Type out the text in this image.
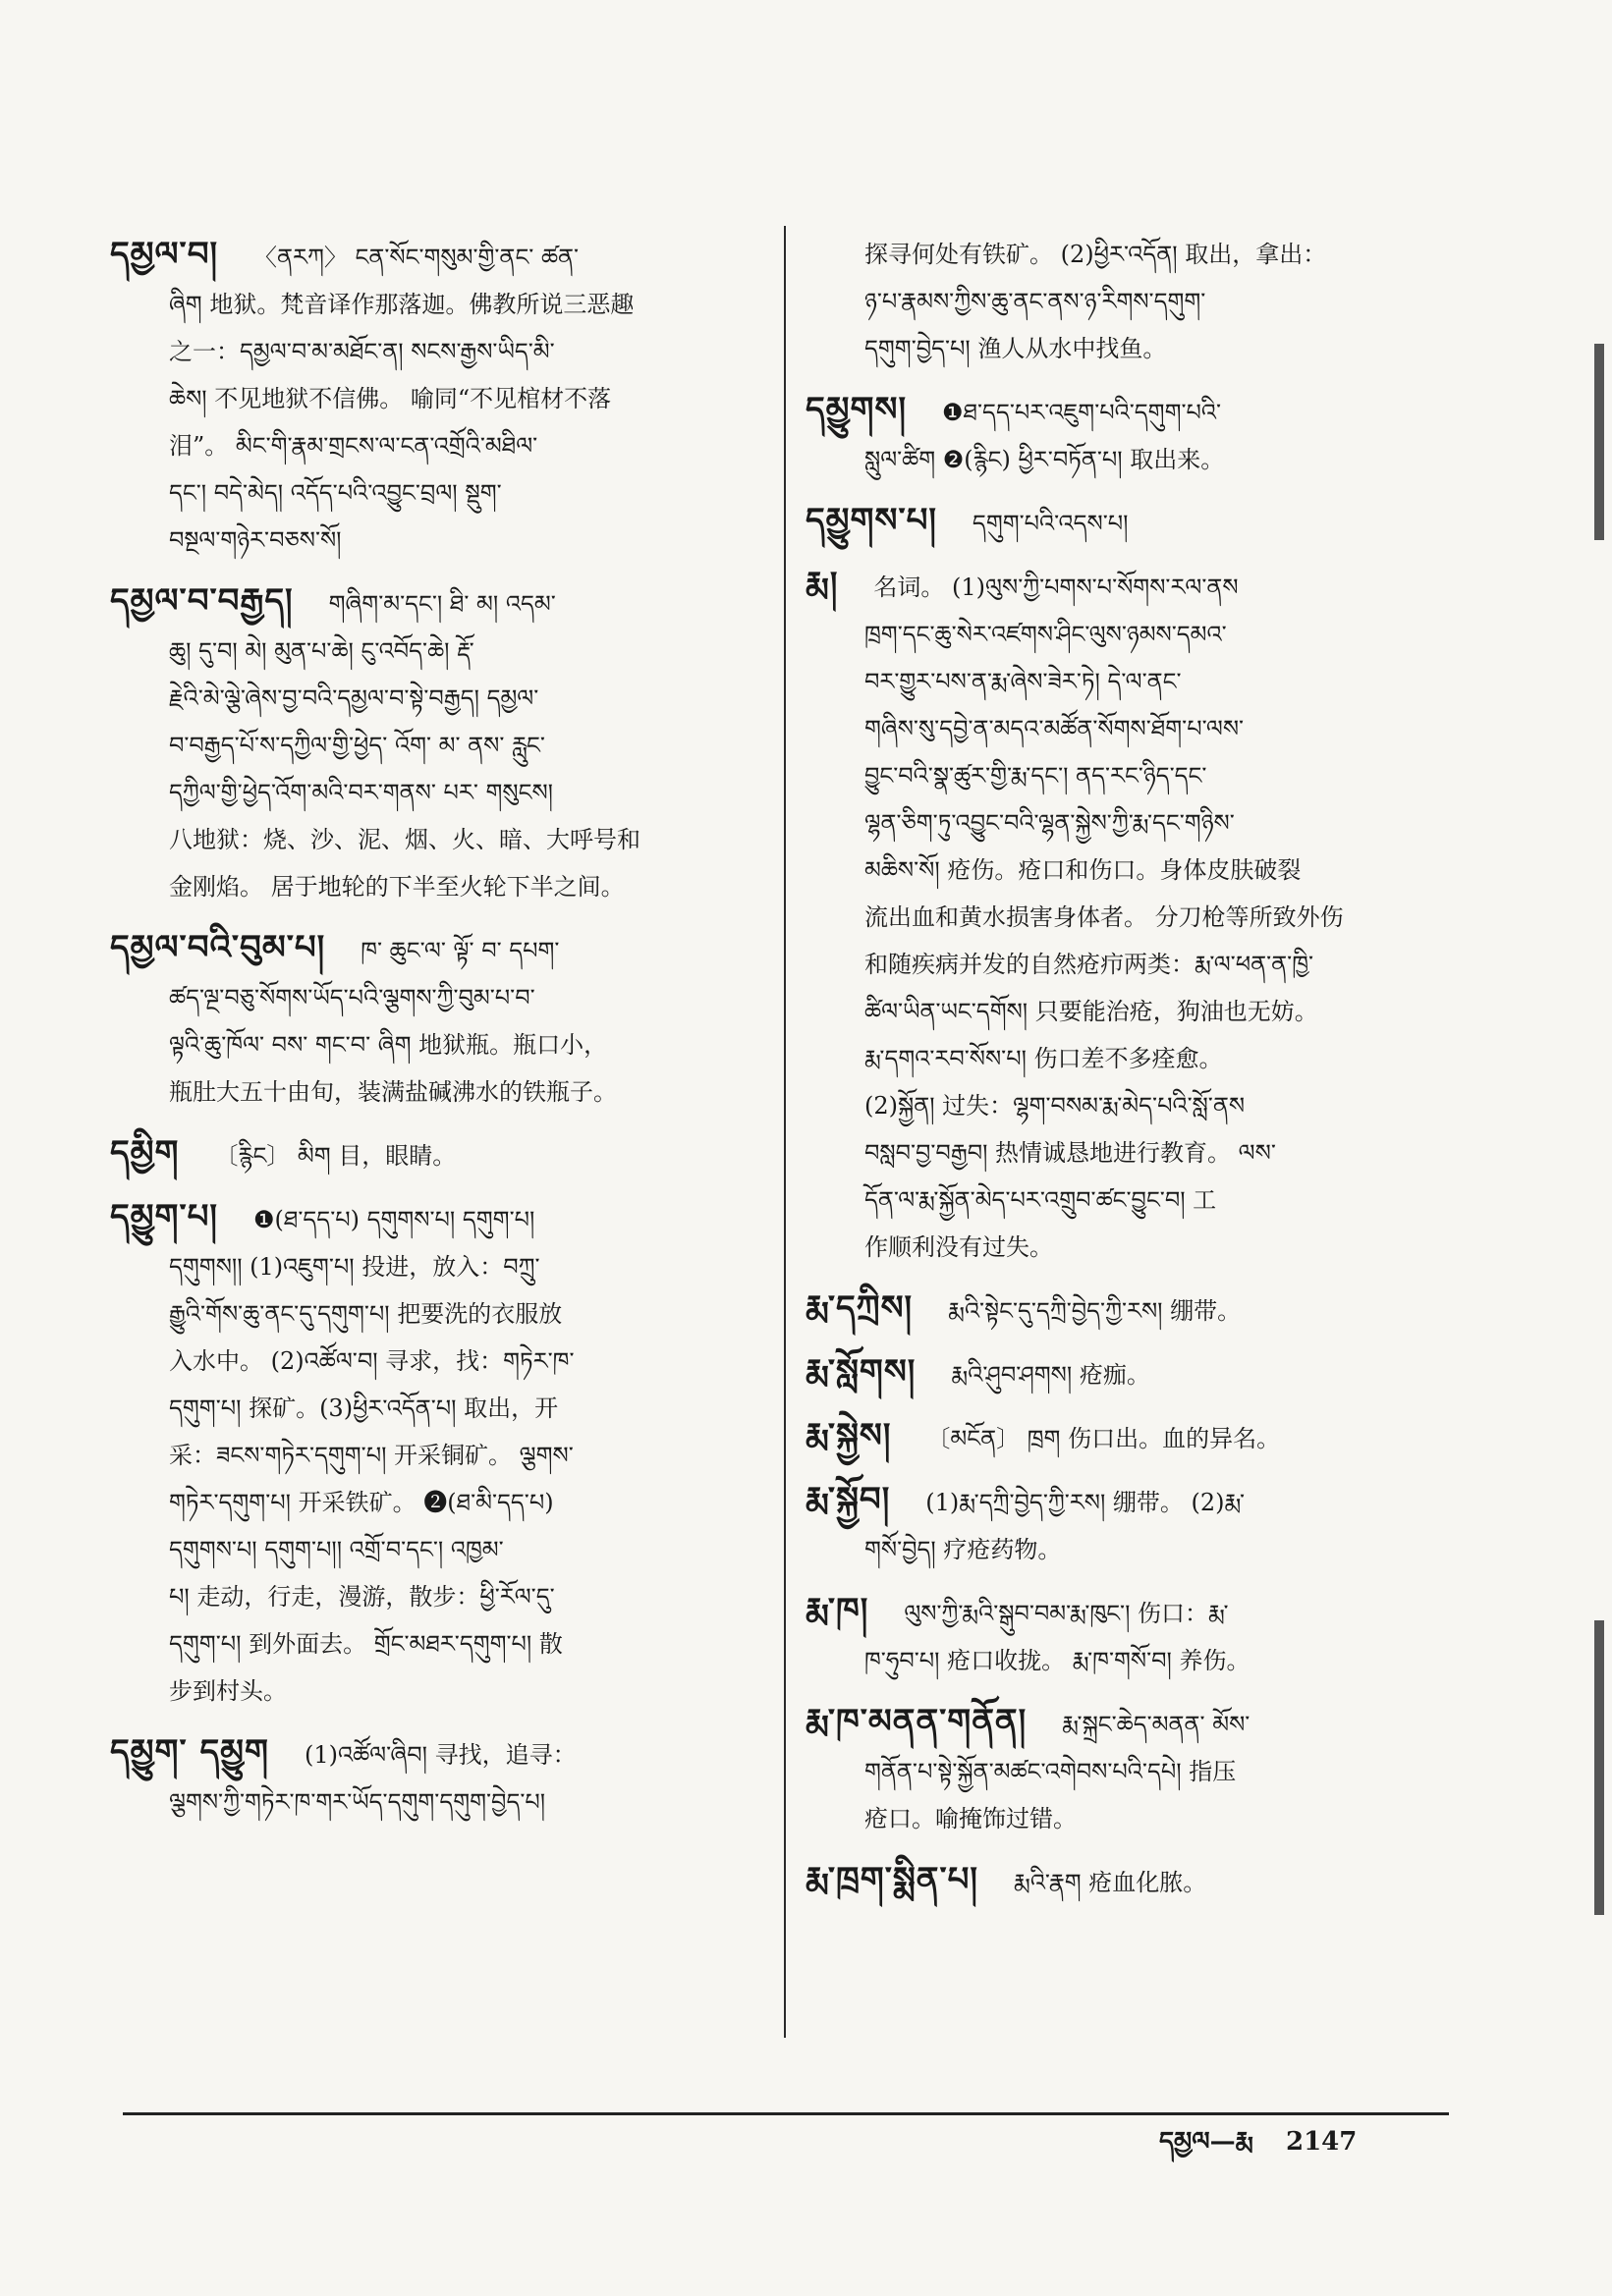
དམྱལ་བ། 〈ནརཀ〉 ངན་སོང་གསུམ་གྱི་ནང་ ཚན་

ཞིག 地狱。梵音译作那落迦。佛教所说三恶趣

之一：དམྱལ་བ་མ་མཐོང་ན། སངས་རྒྱས་ཡིད་མི་

ཆེས། 不见地狱不信佛。 喻同“不见棺材不落

泪”。 མིང་གི་རྣམ་གྲངས་ལ་ངན་འགྲོའི་མཐིལ་

དང་། བདེ་མེད། འདོད་པའི་འབྱུང་བྲལ། སྡུག་

བསྔལ་གཉེར་བཅས་སོ།

དམྱལ་བ་བརྒྱད། གཞིག་མ་དང་། ཐི་ མ། འདམ་

ཆུ། དུ་བ། མེ། མུན་པ་ཆེ། ངུ་འབོད་ཆེ། རྡོ་

རྗེའི་མེ་ལྕེ་ཞེས་བྱ་བའི་དམྱལ་བ་སྟེ་བརྒྱད། དམྱལ་

བ་བརྒྱད་པོ་ས་དཀྱིལ་གྱི་ཕྱེད་ འོག་ མ་ ནས་ རླུང་

དཀྱིལ་གྱི་ཕྱེད་འོག་མའི་བར་གནས་ པར་ གསུངས།

八地狱：烧、沙、泥、烟、火、暗、大呼号和

金刚焰。 居于地轮的下半至火轮下半之间。

དམྱལ་བའི་བུམ་པ། ཁ་ ཆུང་ལ་ ལྟོ་ བ་ དཔག་

ཚད་ལྔ་བཅུ་སོགས་ཡོད་པའི་ལྕགས་ཀྱི་བུམ་པ་བ་

ལྟའི་ཆུ་ཁོལ་ བས་ གང་བ་ ཞིག 地狱瓶。瓶口小，

瓶肚大五十由旬，装满盐碱沸水的铁瓶子。

དམྱིག 〔རྙིང〕 མིག 目，眼睛。

དམྱུག་པ། ❶(ཐ་དད་པ) དགུགས་པ། དགུག་པ།

དགུགས།། (1)འཇུག་པ། 投进，放入：བཀྲུ་

རྒྱུའི་གོས་ཆུ་ནང་དུ་དགུག་པ། 把要洗的衣服放

入水中。 (2)འཚོལ་བ། 寻求，找：གཏེར་ཁ་

དགུག་པ། 探矿。(3)ཕྱིར་འདོན་པ། 取出，开

采：ཟངས་གཏེར་དགུག་པ། 开采铜矿。 ལྕགས་

གཏེར་དགུག་པ། 开采铁矿。 ❷(ཐ་མི་དད་པ)

དགུགས་པ། དགུག་པ།། འགྲོ་བ་དང་། འཁྱམ་

པ། 走动，行走，漫游，散步：ཕྱི་རོལ་དུ་

དགུག་པ། 到外面去。 གྲོང་མཐར་དགུག་པ། 散

步到村头。

དམྱུག་ དམྱུག (1)འཚོལ་ཞིབ། 寻找，追寻：

ལྕགས་ཀྱི་གཏེར་ཁ་གར་ཡོད་དགུག་དགུག་བྱེད་པ།

探寻何处有铁矿。 (2)ཕྱིར་འདོན། 取出，拿出：

ཉ་པ་རྣམས་ཀྱིས་ཆུ་ནང་ནས་ཉ་རིགས་དགུག་

དགུག་བྱེད་པ། 渔人从水中找鱼。

དམྱུགས། ❶ཐ་དད་པར་འཇུག་པའི་དགུག་པའི་

སླུལ་ཚིག ❷(རྙིང) ཕྱིར་བཏོན་པ། 取出来。

དམྱུགས་པ། དགུག་པའི་འདས་པ།

རྨ། 名词。 (1)ལུས་ཀྱི་པགས་པ་སོགས་རལ་ནས

ཁྲག་དང་ཆུ་སེར་འཛགས་ཤིང་ལུས་ཉམས་དམའ་

བར་གྱུར་པས་ན་རྨ་ཞེས་ཟེར་ཏེ། དེ་ལ་ནང་

གཞིས་སུ་དབྱེ་ན་མདའ་མཚོན་སོགས་ཐོག་པ་ལས་

བྱུང་བའི་སྣ་ཚུར་གྱི་རྨ་དང་། ནད་རང་ཉིད་དང་

ལྷན་ཅིག་ཏུ་འབྱུང་བའི་ལྷན་སྐྱེས་ཀྱི་རྨ་དང་གཉིས་

མཆིས་སོ། 疮伤。疮口和伤口。身体皮肤破裂

流出血和黄水损害身体者。 分刀枪等所致外伤

和随疾病并发的自然疮疖两类：རྨ་ལ་ཕན་ན་ཁྱི་

ཚིལ་ཡིན་ཡང་དགོས། 只要能治疮，狗油也无妨。

རྨ་དགའ་རབ་སོས་པ། 伤口差不多痊愈。

(2)སྐྱོན། 过失：ལྷག་བསམ་རྨ་མེད་པའི་སློ་ནས

བསླབ་བྱ་བརྒྱབ། 热情诚恳地进行教育。 ལས་

དོན་ལ་རྨ་སྐྱོན་མེད་པར་འགྲུབ་ཚང་བྱུང་བ། 工

作顺利没有过失。

རྨ་དཀྲིས། རྨའི་སྟེང་དུ་དཀྲི་བྱེད་ཀྱི་རས། 绷带。

རྨ་སློགས། རྨའི་ཤུབ་ཤགས། 疮痂。

རྨ་སྐྱེས། 〔མངོན〕 ཁྲག 伤口出。血的异名。

རྨ་སྐྱོབ། (1)རྨ་དཀྲི་བྱེད་ཀྱི་རས། 绷带。 (2)རྨ་

གསོ་བྱེད། 疗疮药物。

རྨ་ཁ། ལུས་ཀྱི་རྨའི་སྒུབ་བམ་རྨ་ཁུང་། 伤口：རྨ་

ཁ་ཧུབ་པ། 疮口收拢。 རྨ་ཁ་གསོ་བ། 养伤。

རྨ་ཁ་མནན་གནོན། རྨ་སྐྲང་ཆེད་མནན་ མོས་

གནོན་པ་སྟེ་སྐྱོན་མཚང་འགེབས་པའི་དཔེ། 指压

疮口。喻掩饰过错。

རྨ་ཁྲག་སྨིན་པ། རྨའི་རྣག 疮血化脓。

དམྱལ—རྨ 2147
